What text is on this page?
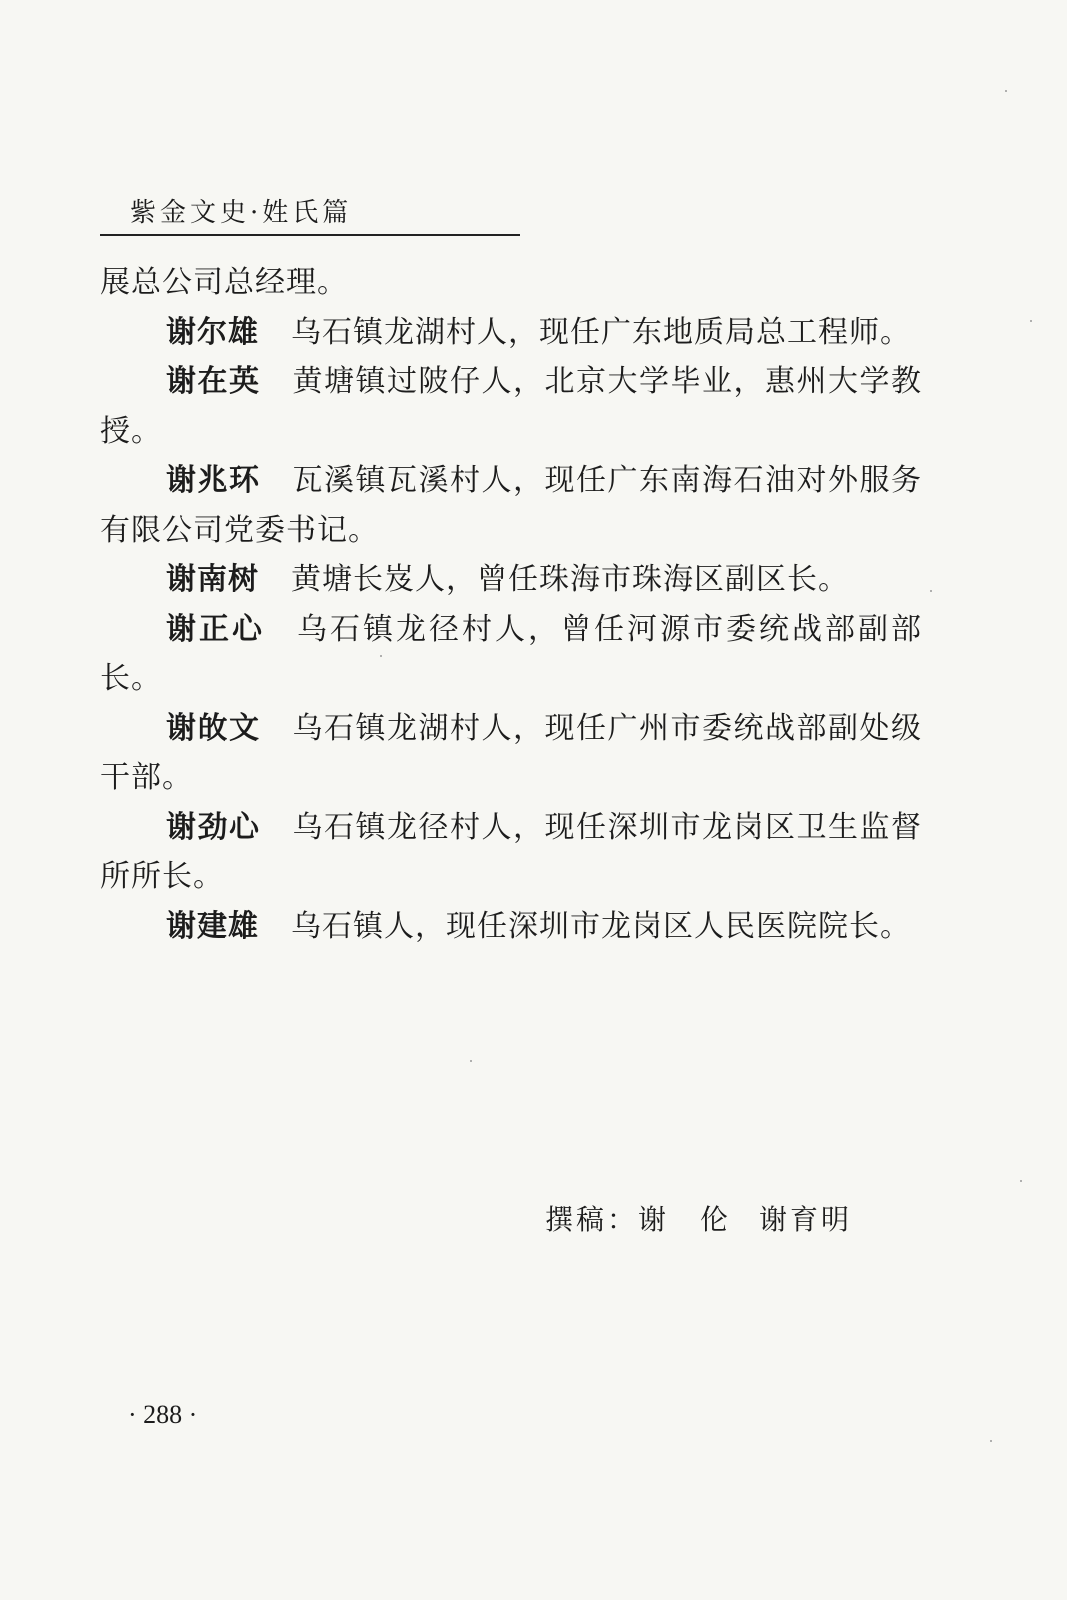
紫金文史·姓氏篇

展总公司总经理。

谢尔雄 乌石镇龙湖村人，现任广东地质局总工程师。

谢在英 黄塘镇过陂仔人，北京大学毕业，惠州大学教授。

谢兆环 瓦溪镇瓦溪村人，现任广东南海石油对外服务有限公司党委书记。

谢南树 黄塘长岌人，曾任珠海市珠海区副区长。

谢正心 乌石镇龙径村人，曾任河源市委统战部副部长。

谢敀文 乌石镇龙湖村人，现任广州市委统战部副处级干部。

谢劲心 乌石镇龙径村人，现任深圳市龙岗区卫生监督所所长。

谢建雄 乌石镇人，现任深圳市龙岗区人民医院院长。

撰稿：谢　伦 谢育明
· 288 ·
